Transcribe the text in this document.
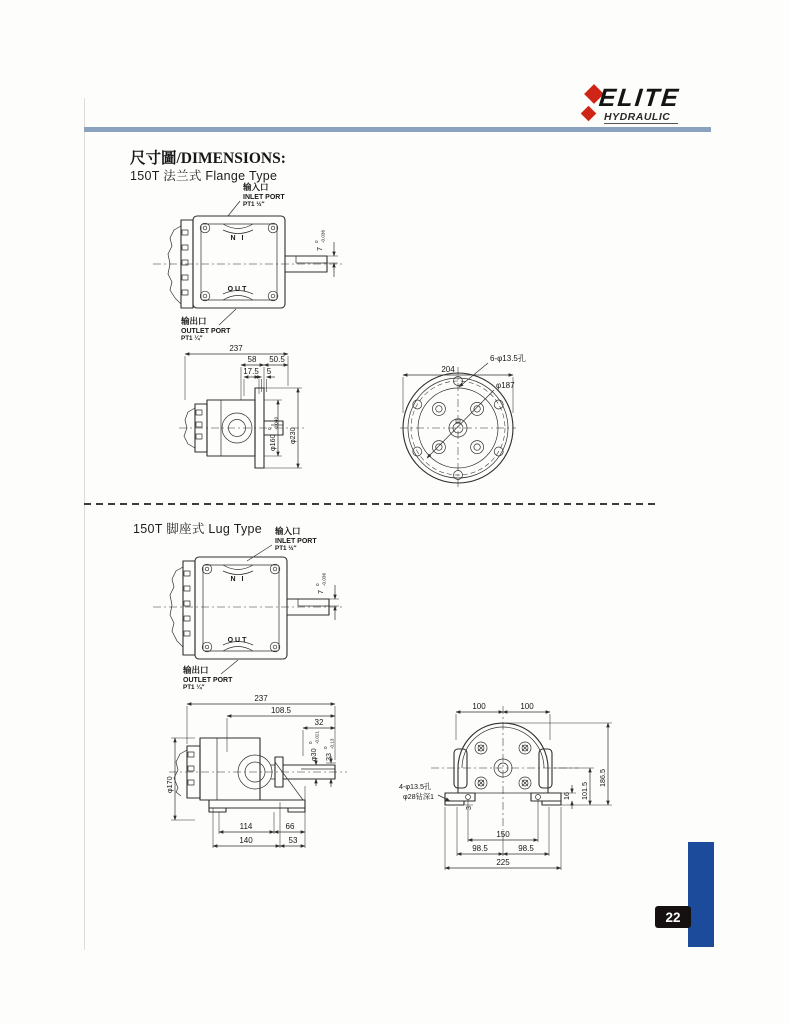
ELITE
HYDRAULIC
尺寸圖/DIMENSIONS:
150T 法兰式 Flange Type
输入口
INLET PORT
PT1 ½″
N I
OUT
7
0 -0.036
输出口
OUTLET PORT
PT1 ¼″
237
58 50.5
17.5 5
φ160
0 -0.040
φ230
204
6-φ13.5孔
φ187
150T 脚座式 Lug Type 输入口
INLET PORT
PT1 ½″
N I
OUT
7
0 -0.036
输出口
OUTLET PORT
PT1 ¼″
237
108.5
32
φ30
0 -0.021
33
0 -0.13
φ170
114	66
140	53
100	100
186.5
101.5
16
3
150
98.5	98.5
225
4-φ13.5孔
φ28钻深1
22
